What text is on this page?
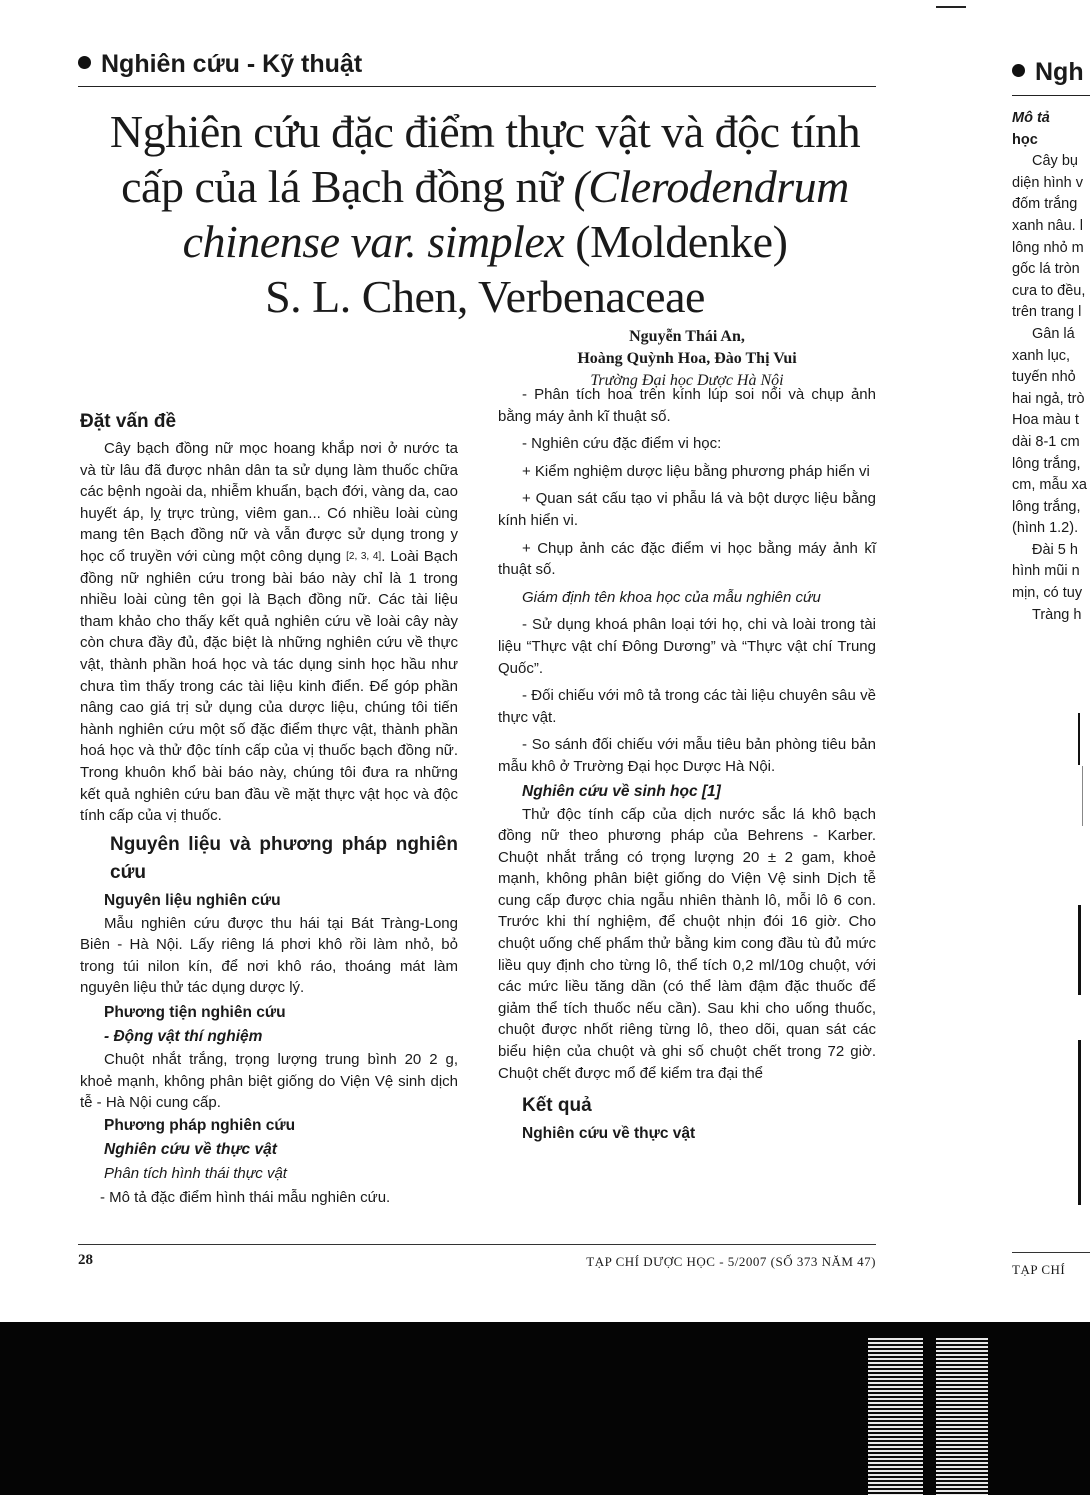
Nghiên cứu - Kỹ thuật	Ngh
Nghiên cứu đặc điểm thực vật và độc tính
cấp của lá Bạch đồng nữ (Clerodendrum
chinense var. simplex (Moldenke)
S. L. Chen, Verbenaceae
Nguyễn Thái An,
Hoàng Quỳnh Hoa, Đào Thị Vui
Trường Đại học Dược Hà Nội

Đặt vấn đề

Cây bạch đồng nữ mọc hoang khắp nơi ở nước ta và từ lâu đã được nhân dân ta sử dụng làm thuốc chữa các bệnh ngoài da, nhiễm khuẩn, bạch đới, vàng da, cao huyết áp, lỵ trực trùng, viêm gan... Có nhiều loài cùng mang tên Bạch đồng nữ và vẫn được sử dụng trong y học cổ truyền với cùng một công dụng [2, 3, 4]. Loài Bạch đồng nữ nghiên cứu trong bài báo này chỉ là 1 trong nhiều loài cùng tên gọi là Bạch đồng nữ. Các tài liệu tham khảo cho thấy kết quả nghiên cứu về loài cây này còn chưa đầy đủ, đặc biệt là những nghiên cứu về thực vật, thành phần hoá học và tác dụng sinh học hầu như chưa tìm thấy trong các tài liệu kinh điển. Để góp phần nâng cao giá trị sử dụng của dược liệu, chúng tôi tiến hành nghiên cứu một số đặc điểm thực vật, thành phần hoá học và thử độc tính cấp của vị thuốc bạch đồng nữ. Trong khuôn khổ bài báo này, chúng tôi đưa ra những kết quả nghiên cứu ban đầu về mặt thực vật học và độc tính cấp của vị thuốc.

Nguyên liệu và phương pháp nghiên cứu

Nguyên liệu nghiên cứu

Mẫu nghiên cứu được thu hái tại Bát Tràng-Long Biên - Hà Nội. Lấy riêng lá phơi khô rồi làm nhỏ, bỏ trong túi nilon kín, để nơi khô ráo, thoáng mát làm nguyên liệu thử tác dụng dược lý.

Phương tiện nghiên cứu

- Động vật thí nghiệm

Chuột nhắt trắng, trọng lượng trung bình 20 2 g, khoẻ mạnh, không phân biệt giống do Viện Vệ sinh dịch tễ - Hà Nội cung cấp.

Phương pháp nghiên cứu

Nghiên cứu về thực vật

Phân tích hình thái thực vật

- Mô tả đặc điểm hình thái mẫu nghiên cứu.

- Phân tích hoa trên kính lúp soi nổi và chụp ảnh bằng máy ảnh kĩ thuật số.

- Nghiên cứu đặc điểm vi học:

+ Kiểm nghiệm dược liệu bằng phương pháp hiển vi

+ Quan sát cấu tạo vi phẫu lá và bột dược liệu bằng kính hiển vi.

+ Chụp ảnh các đặc điểm vi học bằng máy ảnh kĩ thuật số.

Giám định tên khoa học của mẫu nghiên cứu

- Sử dụng khoá phân loại tới họ, chi và loài trong tài liệu “Thực vật chí Đông Dương” và “Thực vật chí Trung Quốc”.

- Đối chiếu với mô tả trong các tài liệu chuyên sâu về thực vật.

- So sánh đối chiếu với mẫu tiêu bản phòng tiêu bản mẫu khô ở Trường Đại học Dược Hà Nội.

Nghiên cứu về sinh học [1]

Thử độc tính cấp của dịch nước sắc lá khô bạch đồng nữ theo phương pháp của Behrens - Karber. Chuột nhắt trắng có trọng lượng 20 ± 2 gam, khoẻ mạnh, không phân biệt giống do Viện Vệ sinh Dịch tễ cung cấp được chia ngẫu nhiên thành lô, mỗi lô 6 con. Trước khi thí nghiệm, để chuột nhịn đói 16 giờ. Cho chuột uống chế phẩm thử bằng kim cong đầu tù đủ mức liều quy định cho từng lô, thể tích 0,2 ml/10g chuột, với các mức liều tăng dần (có thể làm đậm đặc thuốc để giảm thể tích thuốc nếu cần). Sau khi cho uống thuốc, chuột được nhốt riêng từng lô, theo dõi, quan sát các biểu hiện của chuột và ghi số chuột chết trong 72 giờ. Chuột chết được mổ để kiểm tra đại thể

Kết quả

Nghiên cứu về thực vật

Mô tả

học

Cây bụ

diện hình v

đốm trắng

xanh nâu. l

lông nhỏ m

gốc lá tròn

cưa to đều,

trên trang l

Gân lá

xanh lục,

tuyến nhỏ

hai ngả, trò

Hoa màu t

dài 8-1 cm

lông trắng,

cm, mẫu xa

lông trắng,

(hình 1.2).

Đài 5 h

hình mũi n

mịn, có tuy

Tràng h

28	TẠP CHÍ DƯỢC HỌC - 5/2007 (SỐ 373 NĂM 47)
TẠP CHÍ
